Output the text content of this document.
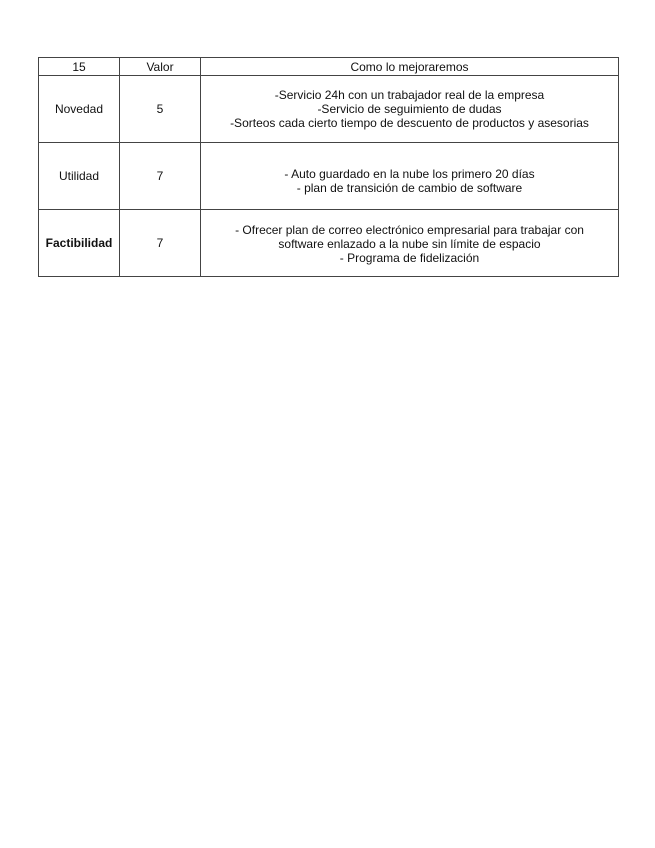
15	Valor	Como lo mejoraremos
Novedad	5	-Servicio 24h con un trabajador real de la empresa
-Servicio de seguimiento de dudas
-Sorteos cada cierto tiempo de descuento de productos y asesorias

Utilidad	7	- Auto guardado en la nube los primero 20 días
- plan de transición de cambio de software

Factibilidad	7	- Ofrecer plan de correo electrónico empresarial para trabajar con
software enlazado a la nube sin límite de espacio
- Programa de fidelización
